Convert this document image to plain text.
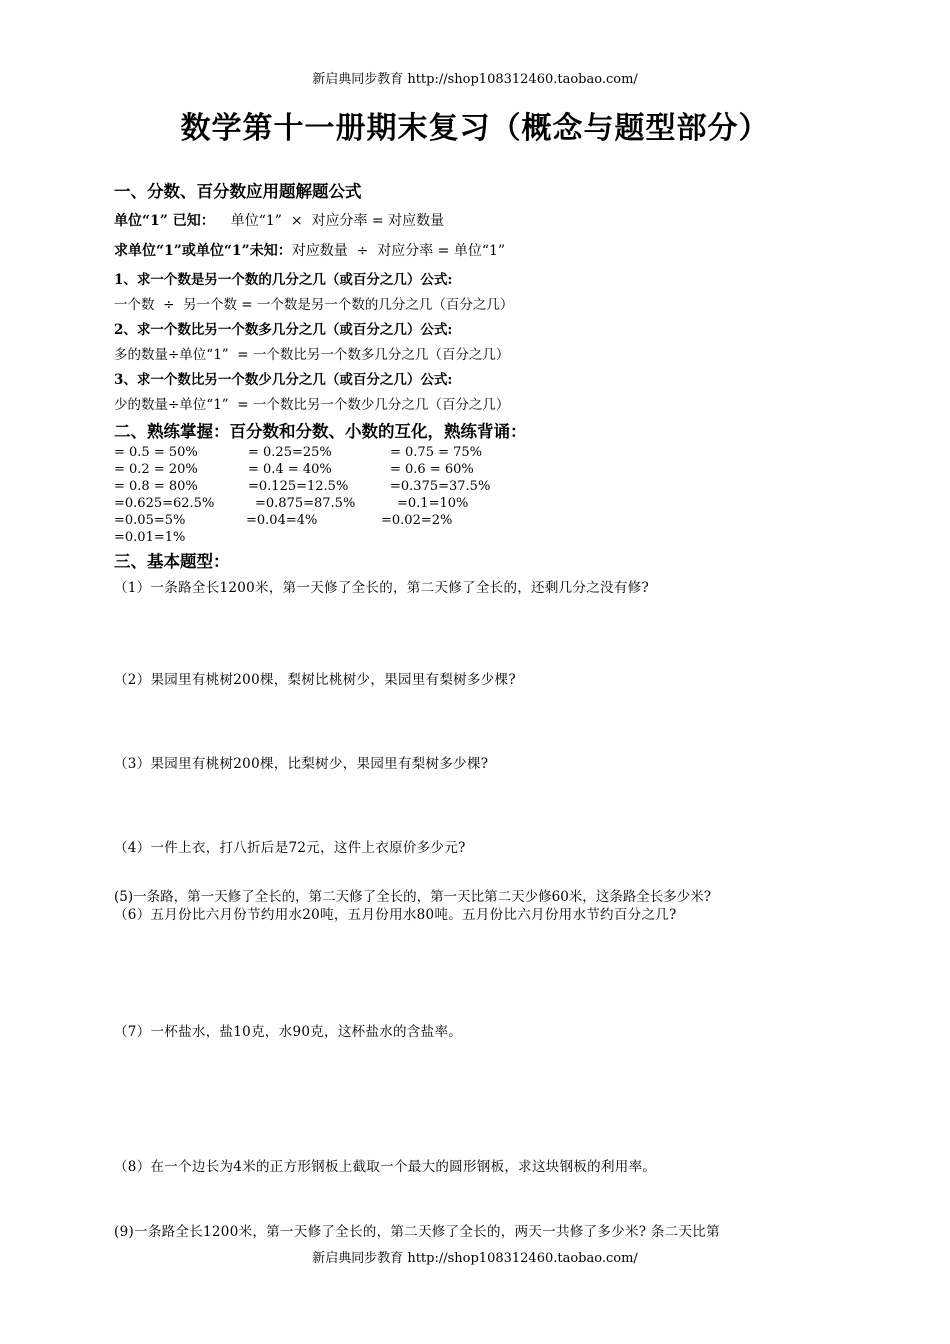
新启典同步教育 http://shop108312460.taobao.com/
数学第十一册期末复习（概念与题型部分）
一、分数、百分数应用题解题公式
单位“1” 已知： 单位“1”  ×  对应分率 = 对应数量
求单位“1”或单位“1”未知：对应数量  ÷  对应分率 = 单位“1”
1、求一个数是另一个数的几分之几（或百分之几）公式:
一个数  ÷  另一个数 = 一个数是另一个数的几分之几（百分之几）
2、求一个数比另一个数多几分之几（或百分之几）公式:
多的数量÷单位“1”  = 一个数比另一个数多几分之几（百分之几）
3、求一个数比另一个数少几分之几（或百分之几）公式:
少的数量÷单位“1”  = 一个数比另一个数少几分之几（百分之几）
二、熟练掌握：百分数和分数、小数的互化，熟练背诵：
= 0.5 = 50%	= 0.25=25%	= 0.75 = 75%
= 0.2 = 20%	= 0.4 = 40%	= 0.6 = 60%
= 0.8 = 80%	=0.125=12.5%	=0.375=37.5%
=0.625=62.5%	=0.875=87.5%	=0.1=10%
=0.05=5%	=0.04=4%	=0.02=2%
=0.01=1%
三、基本题型：
（1）一条路全长1200米，第一天修了全长的，第二天修了全长的，还剩几分之没有修?
（2）果园里有桃树200棵，梨树比桃树少，果园里有梨树多少棵?
（3）果园里有桃树200棵，比梨树少，果园里有梨树多少棵?
（4）一件上衣，打八折后是72元，这件上衣原价多少元?
(5)一条路，第一天修了全长的，第二天修了全长的，第一天比第二天少修60米，这条路全长多少米?
（6）五月份比六月份节约用水20吨，五月份用水80吨。五月份比六月份用水节约百分之几?
（7）一杯盐水，盐10克，水90克，这杯盐水的含盐率。
（8）在一个边长为4米的正方形钢板上截取一个最大的圆形钢板，求这块钢板的利用率。
(9)一条路全长1200米，第一天修了全长的，第二天修了全长的，两天一共修了多少米? 条二天比第
新启典同步教育 http://shop108312460.taobao.com/
